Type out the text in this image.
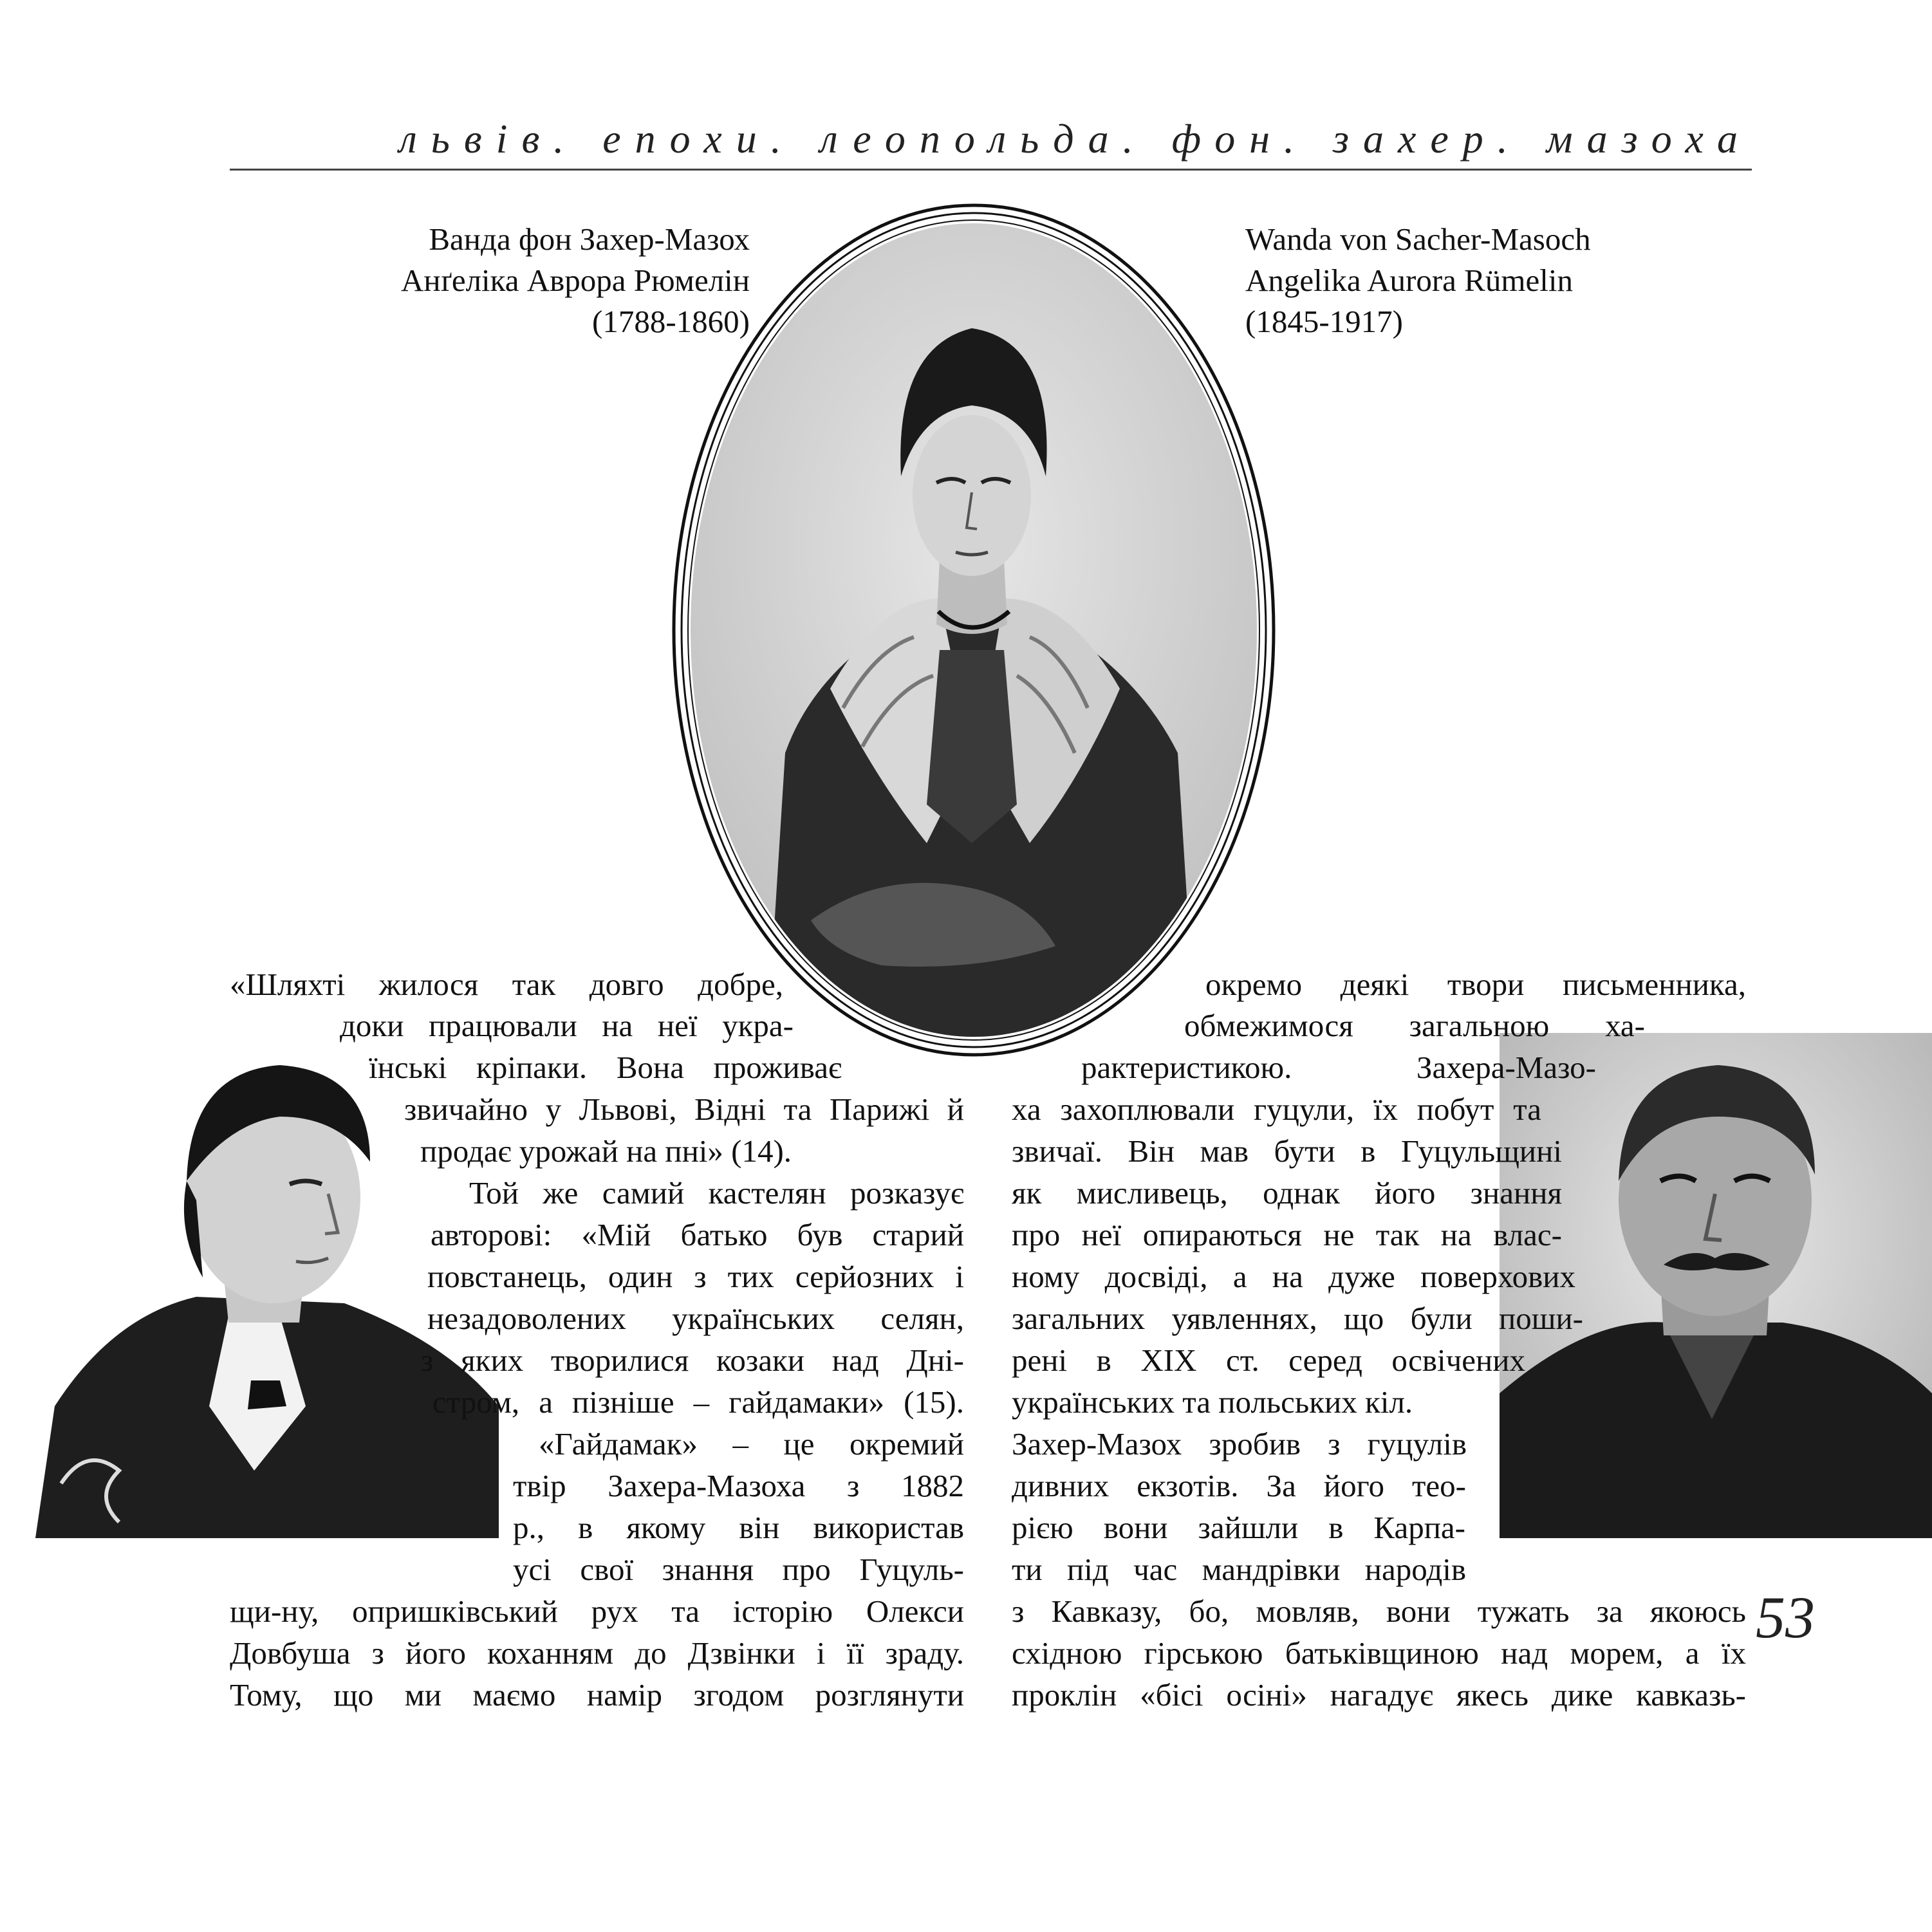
львів. епохи. леопольда. фон. захер. мазоха
Ванда фон Захер-Мазох
Анґеліка Аврора Рюмелін
(1788-1860)
Wanda von Sacher-Masoch
Angelika Aurora Rümelin
(1845-1917)
«Шляхті жилося так довго добре,
доки працювали на неї укра-
їнські кріпаки. Вона проживає
звичайно у Львові, Відні та Парижі й
продає урожай на пні» (14).
Той же самий кастелян розказує
авторові: «Мій батько був старий
повстанець, один з тих серйозних і
незадоволених українських селян,
з яких творилися козаки над Дні-
стром, а пізніше – гайдамаки» (15).
«Гайдамак» – це окремий
твір Захера-Мазоха з 1882
р., в якому він використав
усі свої знання про Гуцуль-
щи-ну, опришківський рух та історію Олекси
Довбуша з його коханням до Дзвінки і її зраду.
Тому, що ми маємо намір згодом розглянути
окремо деякі твори письменника,
обмежимося загальною ха-
рактеристикою. Захера-Мазо-
ха захоплювали гуцули, їх побут та
звичаї. Він мав бути в Гуцульщині
як мисливець, однак його знання
про неї опираються не так на влас-
ному досвіді, а на дуже поверхових
загальних уявленнях, що були поши-
рені в XIX ст. серед освічених
українських та польських кіл.
Захер-Мазох зробив з гуцулів
дивних екзотів. За його тео-
рією вони зайшли в Карпа-
ти під час мандрівки народів
з Кавказу, бо, мовляв, вони тужать за якоюсь
східною гірською батьківщиною над морем, а їх
проклін «бісі осіні» нагадує якесь дике кавказь-
53
